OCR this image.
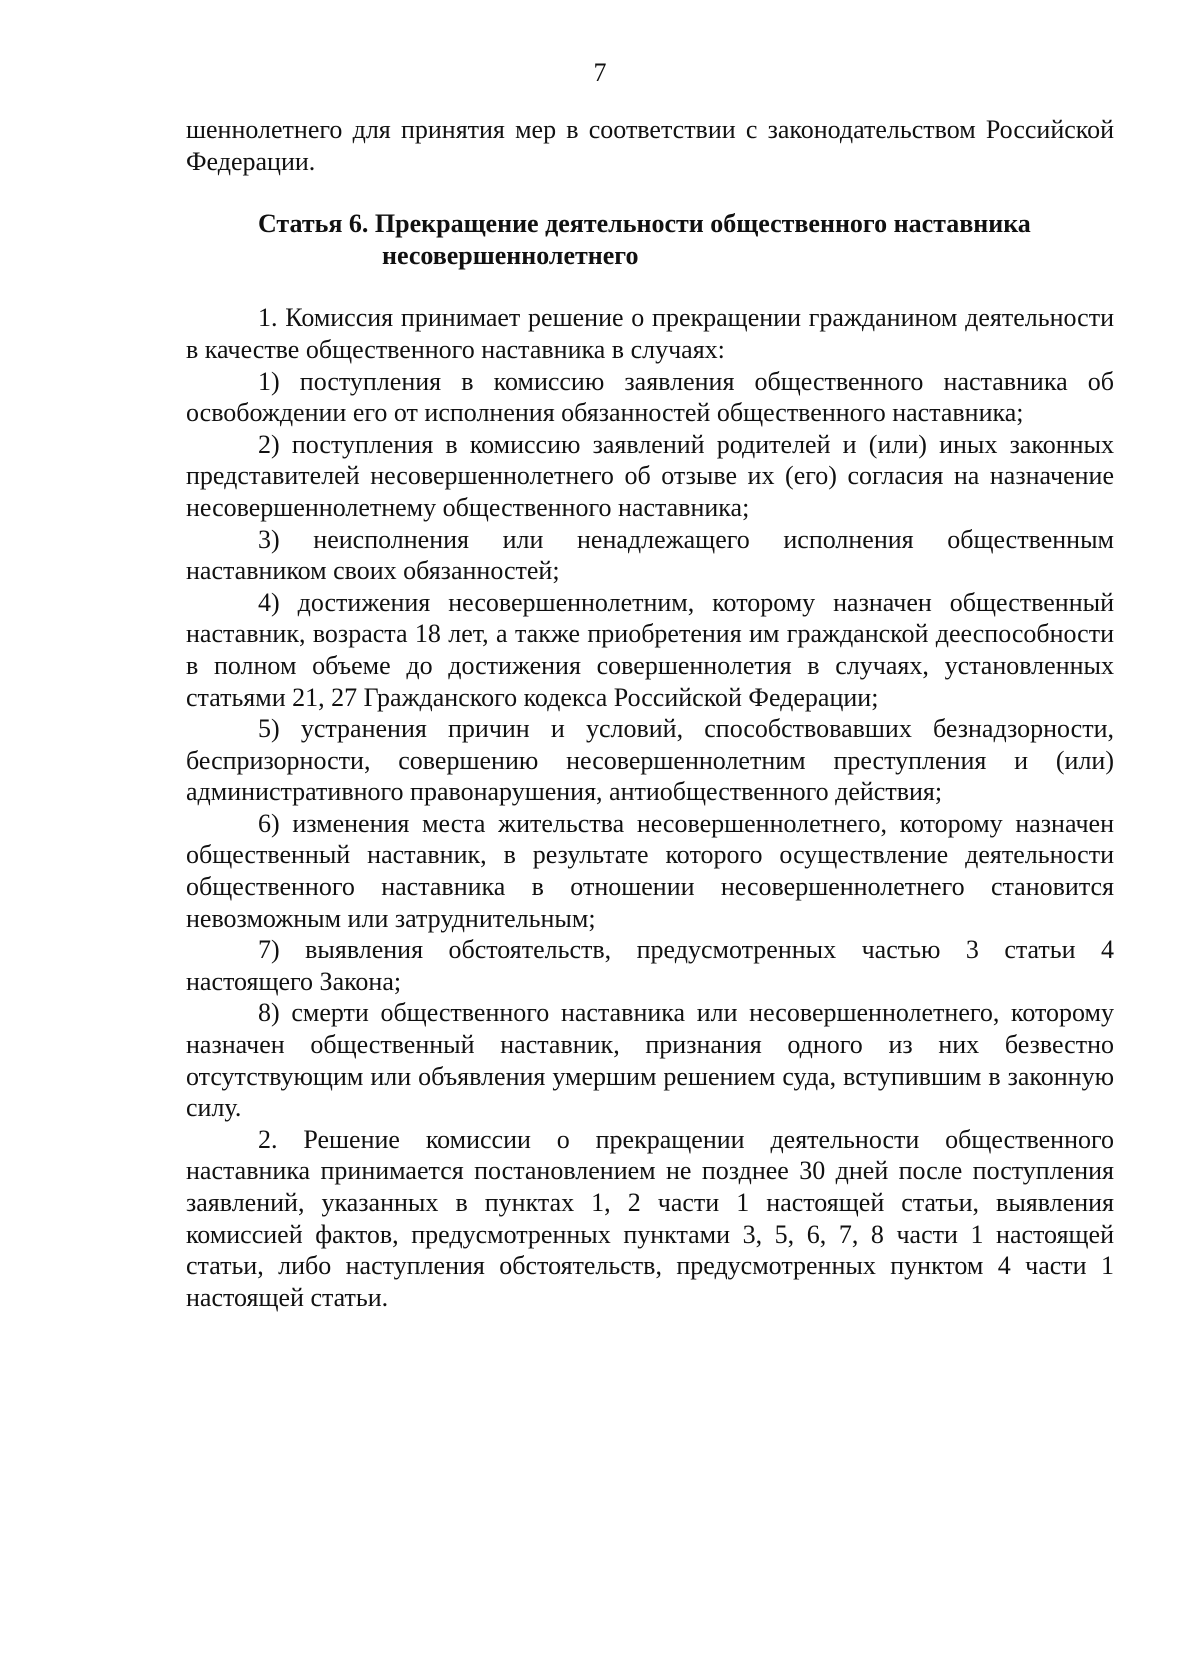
7

шеннолетнего для принятия мер в соответствии с законодательством Российской Федерации.

Статья 6. Прекращение деятельности общественного наставника
несовершеннолетнего

1. Комиссия принимает решение о прекращении гражданином деятельности в качестве общественного наставника в случаях:

1) поступления в комиссию заявления общественного наставника об освобождении его от исполнения обязанностей общественного наставника;

2) поступления в комиссию заявлений родителей и (или) иных законных представителей несовершеннолетнего об отзыве их (его) согласия на назначение несовершеннолетнему общественного наставника;

3) неисполнения или ненадлежащего исполнения общественным наставником своих обязанностей;

4) достижения несовершеннолетним, которому назначен общественный наставник, возраста 18 лет, а также приобретения им гражданской дееспособности в полном объеме до достижения совершеннолетия в случаях, установленных статьями 21, 27 Гражданского кодекса Российской Федерации;

5) устранения причин и условий, способствовавших безнадзорности, беспризорности, совершению несовершеннолетним преступления и (или) административного правонарушения, антиобщественного действия;

6) изменения места жительства несовершеннолетнего, которому назначен общественный наставник, в результате которого осуществление деятельности общественного наставника в отношении несовершеннолетнего становится невозможным или затруднительным;

7) выявления обстоятельств, предусмотренных частью 3 статьи 4 настоящего Закона;

8) смерти общественного наставника или несовершеннолетнего, которому назначен общественный наставник, признания одного из них безвестно отсутствующим или объявления умершим решением суда, вступившим в законную силу.

2. Решение комиссии о прекращении деятельности общественного наставника принимается постановлением не позднее 30 дней после поступления заявлений, указанных в пунктах 1, 2 части 1 настоящей статьи, выявления комиссией фактов, предусмотренных пунктами 3, 5, 6, 7, 8 части 1 настоящей статьи, либо наступления обстоятельств, предусмотренных пунктом 4 части 1 настоящей статьи.
